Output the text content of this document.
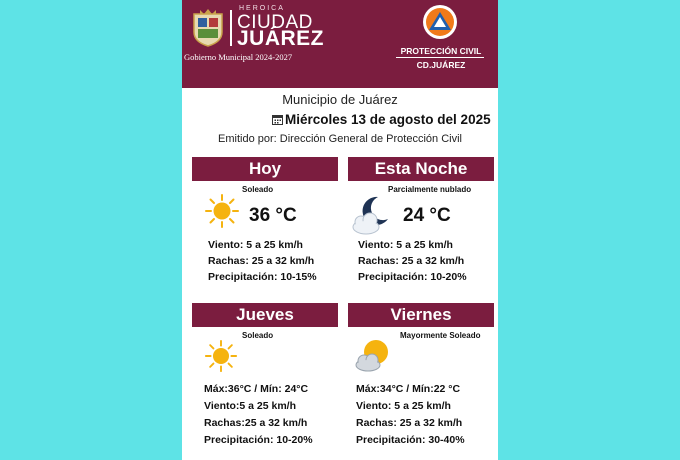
HEROICA
CIUDAD
JUÁREZ
Gobierno Municipal 2024-2027
PROTECCIÓN CIVIL
CD.JUÁREZ
Municipio de Juárez
Miércoles 13 de agosto del 2025
Emitido por: Dirección General de Protección Civil
Hoy
Soleado
36 °C
Viento: 5 a 25 km/h
Rachas: 25 a 32 km/h
Precipitación: 10-15%
Esta Noche
Parcialmente nublado
24 °C
Viento: 5 a 25 km/h
Rachas: 25 a 32 km/h
Precipitación: 10-20%
Jueves
Soleado
Máx:36°C / Mín: 24°C
Viento:5 a 25 km/h
Rachas:25 a 32 km/h
Precipitación: 10-20%
Viernes
Mayormente Soleado
Máx:34°C / Mín:22 °C
Viento: 5 a 25 km/h
Rachas: 25 a 32 km/h
Precipitación: 30-40%
